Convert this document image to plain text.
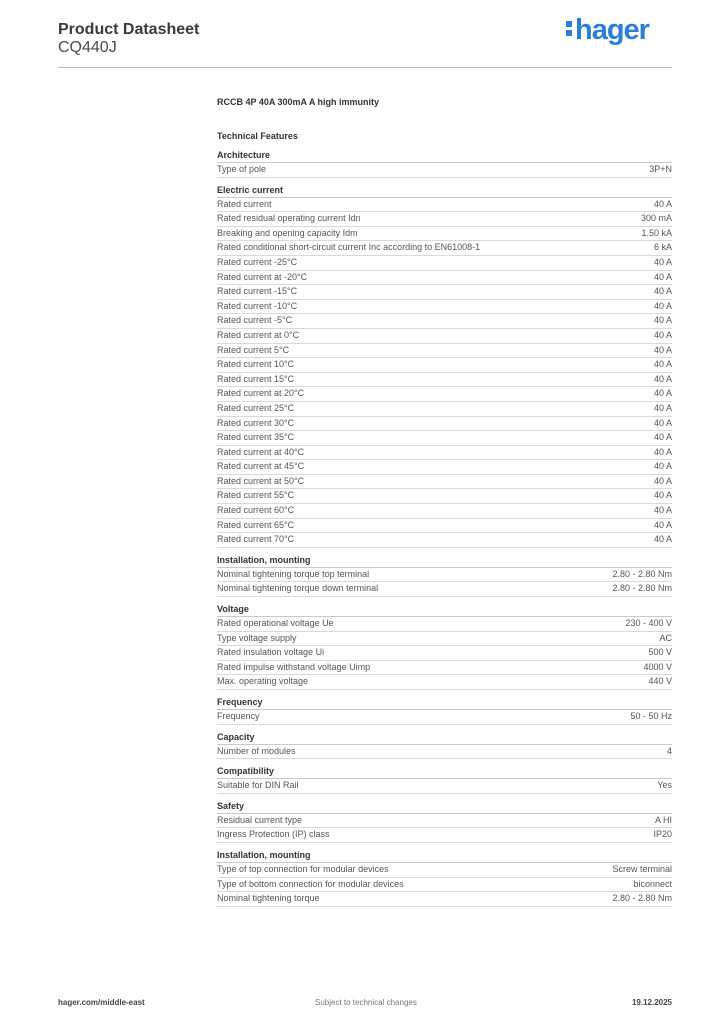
Product Datasheet
CQ440J
hager
RCCB 4P 40A 300mA A high immunity
Technical Features
Architecture
Type of pole	3P+N
Electric current
Rated current	40 A
Rated residual operating current Idn	300 mA
Breaking and opening capacity Idm	1.50 kA
Rated conditional short-circuit current Inc according to EN61008-1	6 kA
Rated current -25°C	40 A
Rated current at -20°C	40 A
Rated current -15°C	40 A
Rated current -10°C	40 A
Rated current -5°C	40 A
Rated current at 0°C	40 A
Rated current 5°C	40 A
Rated current 10°C	40 A
Rated current 15°C	40 A
Rated current at 20°C	40 A
Rated current 25°C	40 A
Rated current 30°C	40 A
Rated current 35°C	40 A
Rated current at 40°C	40 A
Rated current at 45°C	40 A
Rated current at 50°C	40 A
Rated current 55°C	40 A
Rated current 60°C	40 A
Rated current 65°C	40 A
Rated current 70°C	40 A
Installation, mounting
Nominal tightening torque top terminal	2.80 - 2.80 Nm
Nominal tightening torque down terminal	2.80 - 2.80 Nm
Voltage
Rated operational voltage Ue	230 - 400 V
Type voltage supply	AC
Rated insulation voltage Ui	500 V
Rated impulse withstand voltage Uimp	4000 V
Max. operating voltage	440 V
Frequency
Frequency	50 - 50 Hz
Capacity
Number of modules	4
Compatibility
Suitable for DIN Rail	Yes
Safety
Residual current type	A HI
Ingress Protection (IP) class	IP20
Installation, mounting
Type of top connection for modular devices	Screw terminal
Type of bottom connection for modular devices	biconnect
Nominal tightening torque	2.80 - 2.80 Nm
hager.com/middle-east	Subject to technical changes	19.12.2025
